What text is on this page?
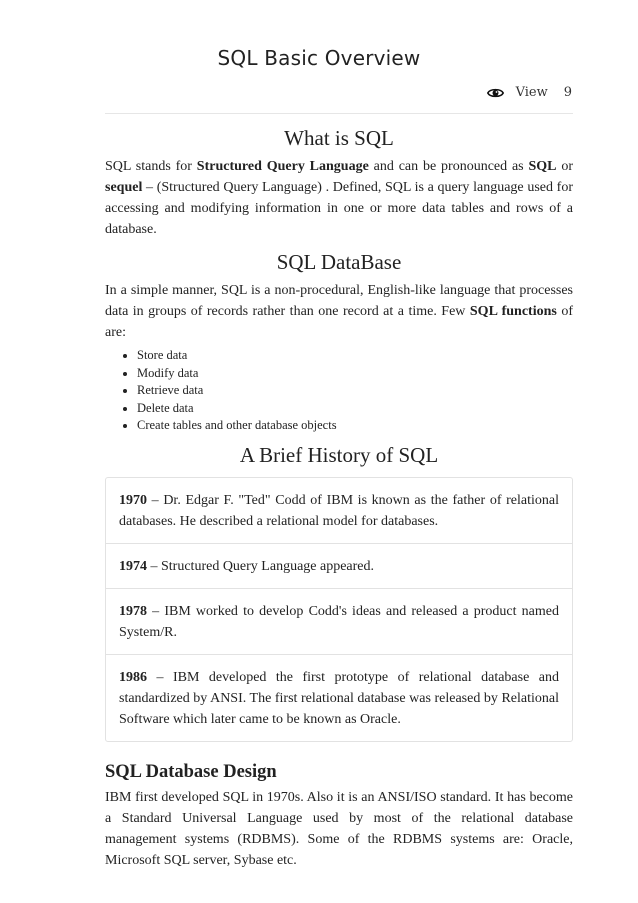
SQL Basic Overview
View 9
What is SQL

SQL stands for Structured Query Language and can be pronounced as SQL or sequel – (Structured Query Language) . Defined, SQL is a query language used for accessing and modifying information in one or more data tables and rows of a database.

SQL DataBase

In a simple manner, SQL is a non-procedural, English-like language that processes data in groups of records rather than one record at a time. Few SQL functions of are:

• Store data
• Modify data
• Retrieve data
• Delete data
• Create tables and other database objects
A Brief History of SQL

1970 – Dr. Edgar F. "Ted" Codd of IBM is known as the father of relational databases. He described a relational model for databases.

1974 – Structured Query Language appeared.

1978 – IBM worked to develop Codd's ideas and released a product named System/R.

1986 – IBM developed the first prototype of relational database and standardized by ANSI. The first relational database was released by Relational Software which later came to be known as Oracle.

SQL Database Design

IBM first developed SQL in 1970s. Also it is an ANSI/ISO standard. It has become a Standard Universal Language used by most of the relational database management systems (RDBMS). Some of the RDBMS systems are: Oracle, Microsoft SQL server, Sybase etc.
